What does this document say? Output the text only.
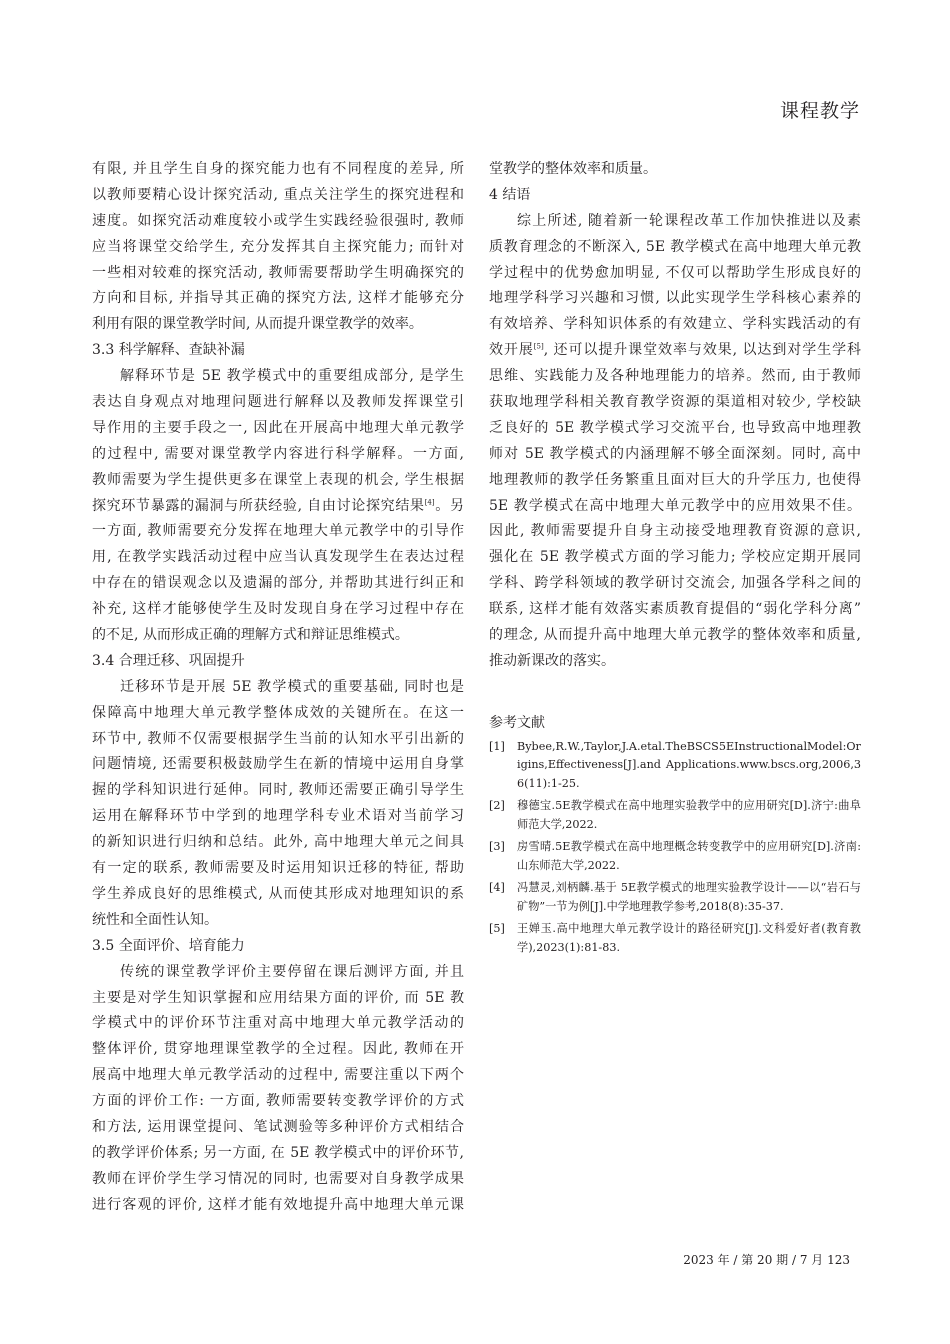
课程教学
有限, 并且学生自身的探究能力也有不同程度的差异, 所
以教师要精心设计探究活动, 重点关注学生的探究进程和
速度。如探究活动难度较小或学生实践经验很强时, 教师
应当将课堂交给学生, 充分发挥其自主探究能力; 而针对
一些相对较难的探究活动, 教师需要帮助学生明确探究的
方向和目标, 并指导其正确的探究方法, 这样才能够充分
利用有限的课堂教学时间, 从而提升课堂教学的效率。
3.3 科学解释、查缺补漏
解释环节是 5E 教学模式中的重要组成部分, 是学生
表达自身观点对地理问题进行解释以及教师发挥课堂引
导作用的主要手段之一, 因此在开展高中地理大单元教学
的过程中, 需要对课堂教学内容进行科学解释。一方面,
教师需要为学生提供更多在课堂上表现的机会, 学生根据
探究环节暴露的漏洞与所获经验, 自由讨论探究结果[4]。另
一方面, 教师需要充分发挥在地理大单元教学中的引导作
用, 在教学实践活动过程中应当认真发现学生在表达过程
中存在的错误观念以及遗漏的部分, 并帮助其进行纠正和
补充, 这样才能够使学生及时发现自身在学习过程中存在
的不足, 从而形成正确的理解方式和辩证思维模式。
3.4 合理迁移、巩固提升
迁移环节是开展 5E 教学模式的重要基础, 同时也是
保障高中地理大单元教学整体成效的关键所在。在这一
环节中, 教师不仅需要根据学生当前的认知水平引出新的
问题情境, 还需要积极鼓励学生在新的情境中运用自身掌
握的学科知识进行延伸。同时, 教师还需要正确引导学生
运用在解释环节中学到的地理学科专业术语对当前学习
的新知识进行归纳和总结。此外, 高中地理大单元之间具
有一定的联系, 教师需要及时运用知识迁移的特征, 帮助
学生养成良好的思维模式, 从而使其形成对地理知识的系
统性和全面性认知。
3.5 全面评价、培育能力
传统的课堂教学评价主要停留在课后测评方面, 并且
主要是对学生知识掌握和应用结果方面的评价, 而 5E 教
学模式中的评价环节注重对高中地理大单元教学活动的
整体评价, 贯穿地理课堂教学的全过程。因此, 教师在开
展高中地理大单元教学活动的过程中, 需要注重以下两个
方面的评价工作: 一方面, 教师需要转变教学评价的方式
和方法, 运用课堂提问、笔试测验等多种评价方式相结合
的教学评价体系; 另一方面, 在 5E 教学模式中的评价环节,
教师在评价学生学习情况的同时, 也需要对自身教学成果
进行客观的评价, 这样才能有效地提升高中地理大单元课
堂教学的整体效率和质量。
4 结语
综上所述, 随着新一轮课程改革工作加快推进以及素
质教育理念的不断深入, 5E 教学模式在高中地理大单元教
学过程中的优势愈加明显, 不仅可以帮助学生形成良好的
地理学科学习兴趣和习惯, 以此实现学生学科核心素养的
有效培养、学科知识体系的有效建立、学科实践活动的有
效开展[5], 还可以提升课堂效率与效果, 以达到对学生学科
思维、实践能力及各种地理能力的培养。然而, 由于教师
获取地理学科相关教育教学资源的渠道相对较少, 学校缺
乏良好的 5E 教学模式学习交流平台, 也导致高中地理教
师对 5E 教学模式的内涵理解不够全面深刻。同时, 高中
地理教师的教学任务繁重且面对巨大的升学压力, 也使得
5E 教学模式在高中地理大单元教学中的应用效果不佳。
因此, 教师需要提升自身主动接受地理教育资源的意识,
强化在 5E 教学模式方面的学习能力; 学校应定期开展同
学科、跨学科领域的教学研讨交流会, 加强各学科之间的
联系, 这样才能有效落实素质教育提倡的“弱化学科分离”
的理念, 从而提升高中地理大单元教学的整体效率和质量,
推动新课改的落实。
参考文献
[1]	Bybee,R.W.,Taylor,J.A.etal.TheBSCS5EInstructionalModel:Origins,Effectiveness[J].and Applications.www.bscs.org,2006,36(11):1-25.
[2]	穆德宝.5E教学模式在高中地理实验教学中的应用研究[D].济宁:曲阜师范大学,2022.
[3]	房雪晴.5E教学模式在高中地理概念转变教学中的应用研究[D].济南:山东师范大学,2022.
[4]	冯慧灵,刘柄麟.基于 5E教学模式的地理实验教学设计——以“岩石与矿物”一节为例[J].中学地理教学参考,2018(8):35-37.
[5]	王婵玉.高中地理大单元教学设计的路径研究[J].文科爱好者(教育教学),2023(1):81-83.
2023 年 / 第 20 期 / 7 月 123
